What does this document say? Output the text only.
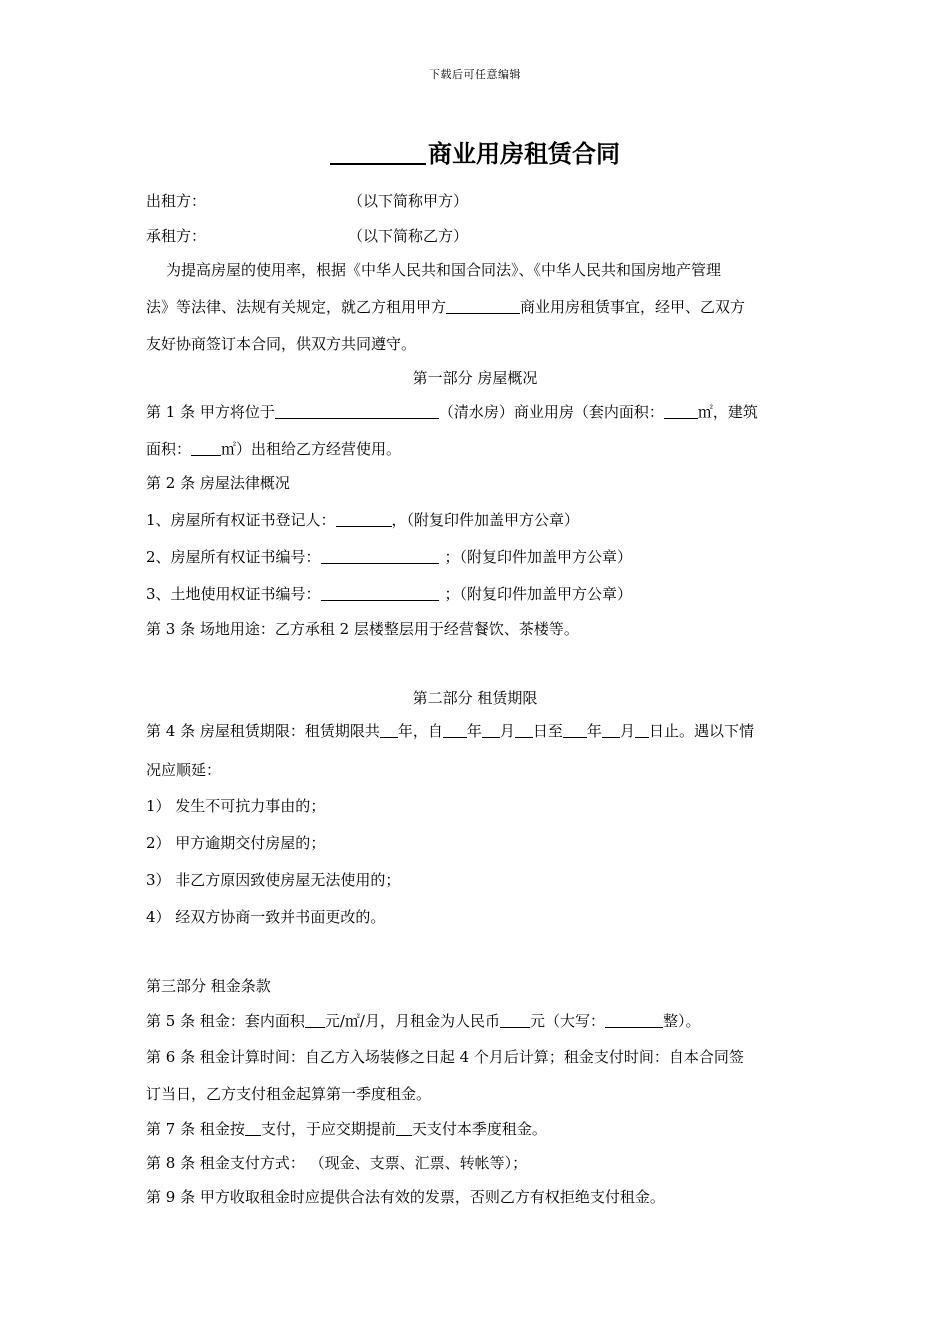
下载后可任意编辑
商业用房租赁合同
出租方：	（以下简称甲方）
承租方：	（以下简称乙方）
为提高房屋的使用率，根据《中华人民共和国合同法》、《中华人民共和国房地产管理
法》等法律、法规有关规定，就乙方租用甲方	商业用房租赁事宜，经甲、乙双方
友好协商签订本合同，供双方共同遵守。
第一部分 房屋概况
第 1 条 甲方将位于	（清水房）商业用房（套内面积： ㎡，建筑
面积： ㎡）出租给乙方经营使用。
第 2 条 房屋法律概况
1、房屋所有权证书登记人：	，（附复印件加盖甲方公章）
2、房屋所有权证书编号：	；（附复印件加盖甲方公章）
3、土地使用权证书编号：	；（附复印件加盖甲方公章）
第 3 条 场地用途：乙方承租 2 层楼整层用于经营餐饮、茶楼等。
第二部分 租赁期限
第 4 条 房屋租赁期限：租赁期限共 年，自 年 月 日至 年 月 日止。遇以下情
况应顺延：
1） 发生不可抗力事由的；
2） 甲方逾期交付房屋的；
3） 非乙方原因致使房屋无法使用的；
4） 经双方协商一致并书面更改的。
第三部分 租金条款
第 5 条 租金：套内面积 元/㎡/月，月租金为人民币 元（大写：	整）。
第 6 条 租金计算时间：自乙方入场装修之日起 4 个月后计算；租金支付时间：自本合同签
订当日，乙方支付租金起算第一季度租金。
第 7 条 租金按 支付，于应交期提前 天支付本季度租金。
第 8 条 租金支付方式： （现金、支票、汇票、转帐等）；
第 9 条 甲方收取租金时应提供合法有效的发票，否则乙方有权拒绝支付租金。
